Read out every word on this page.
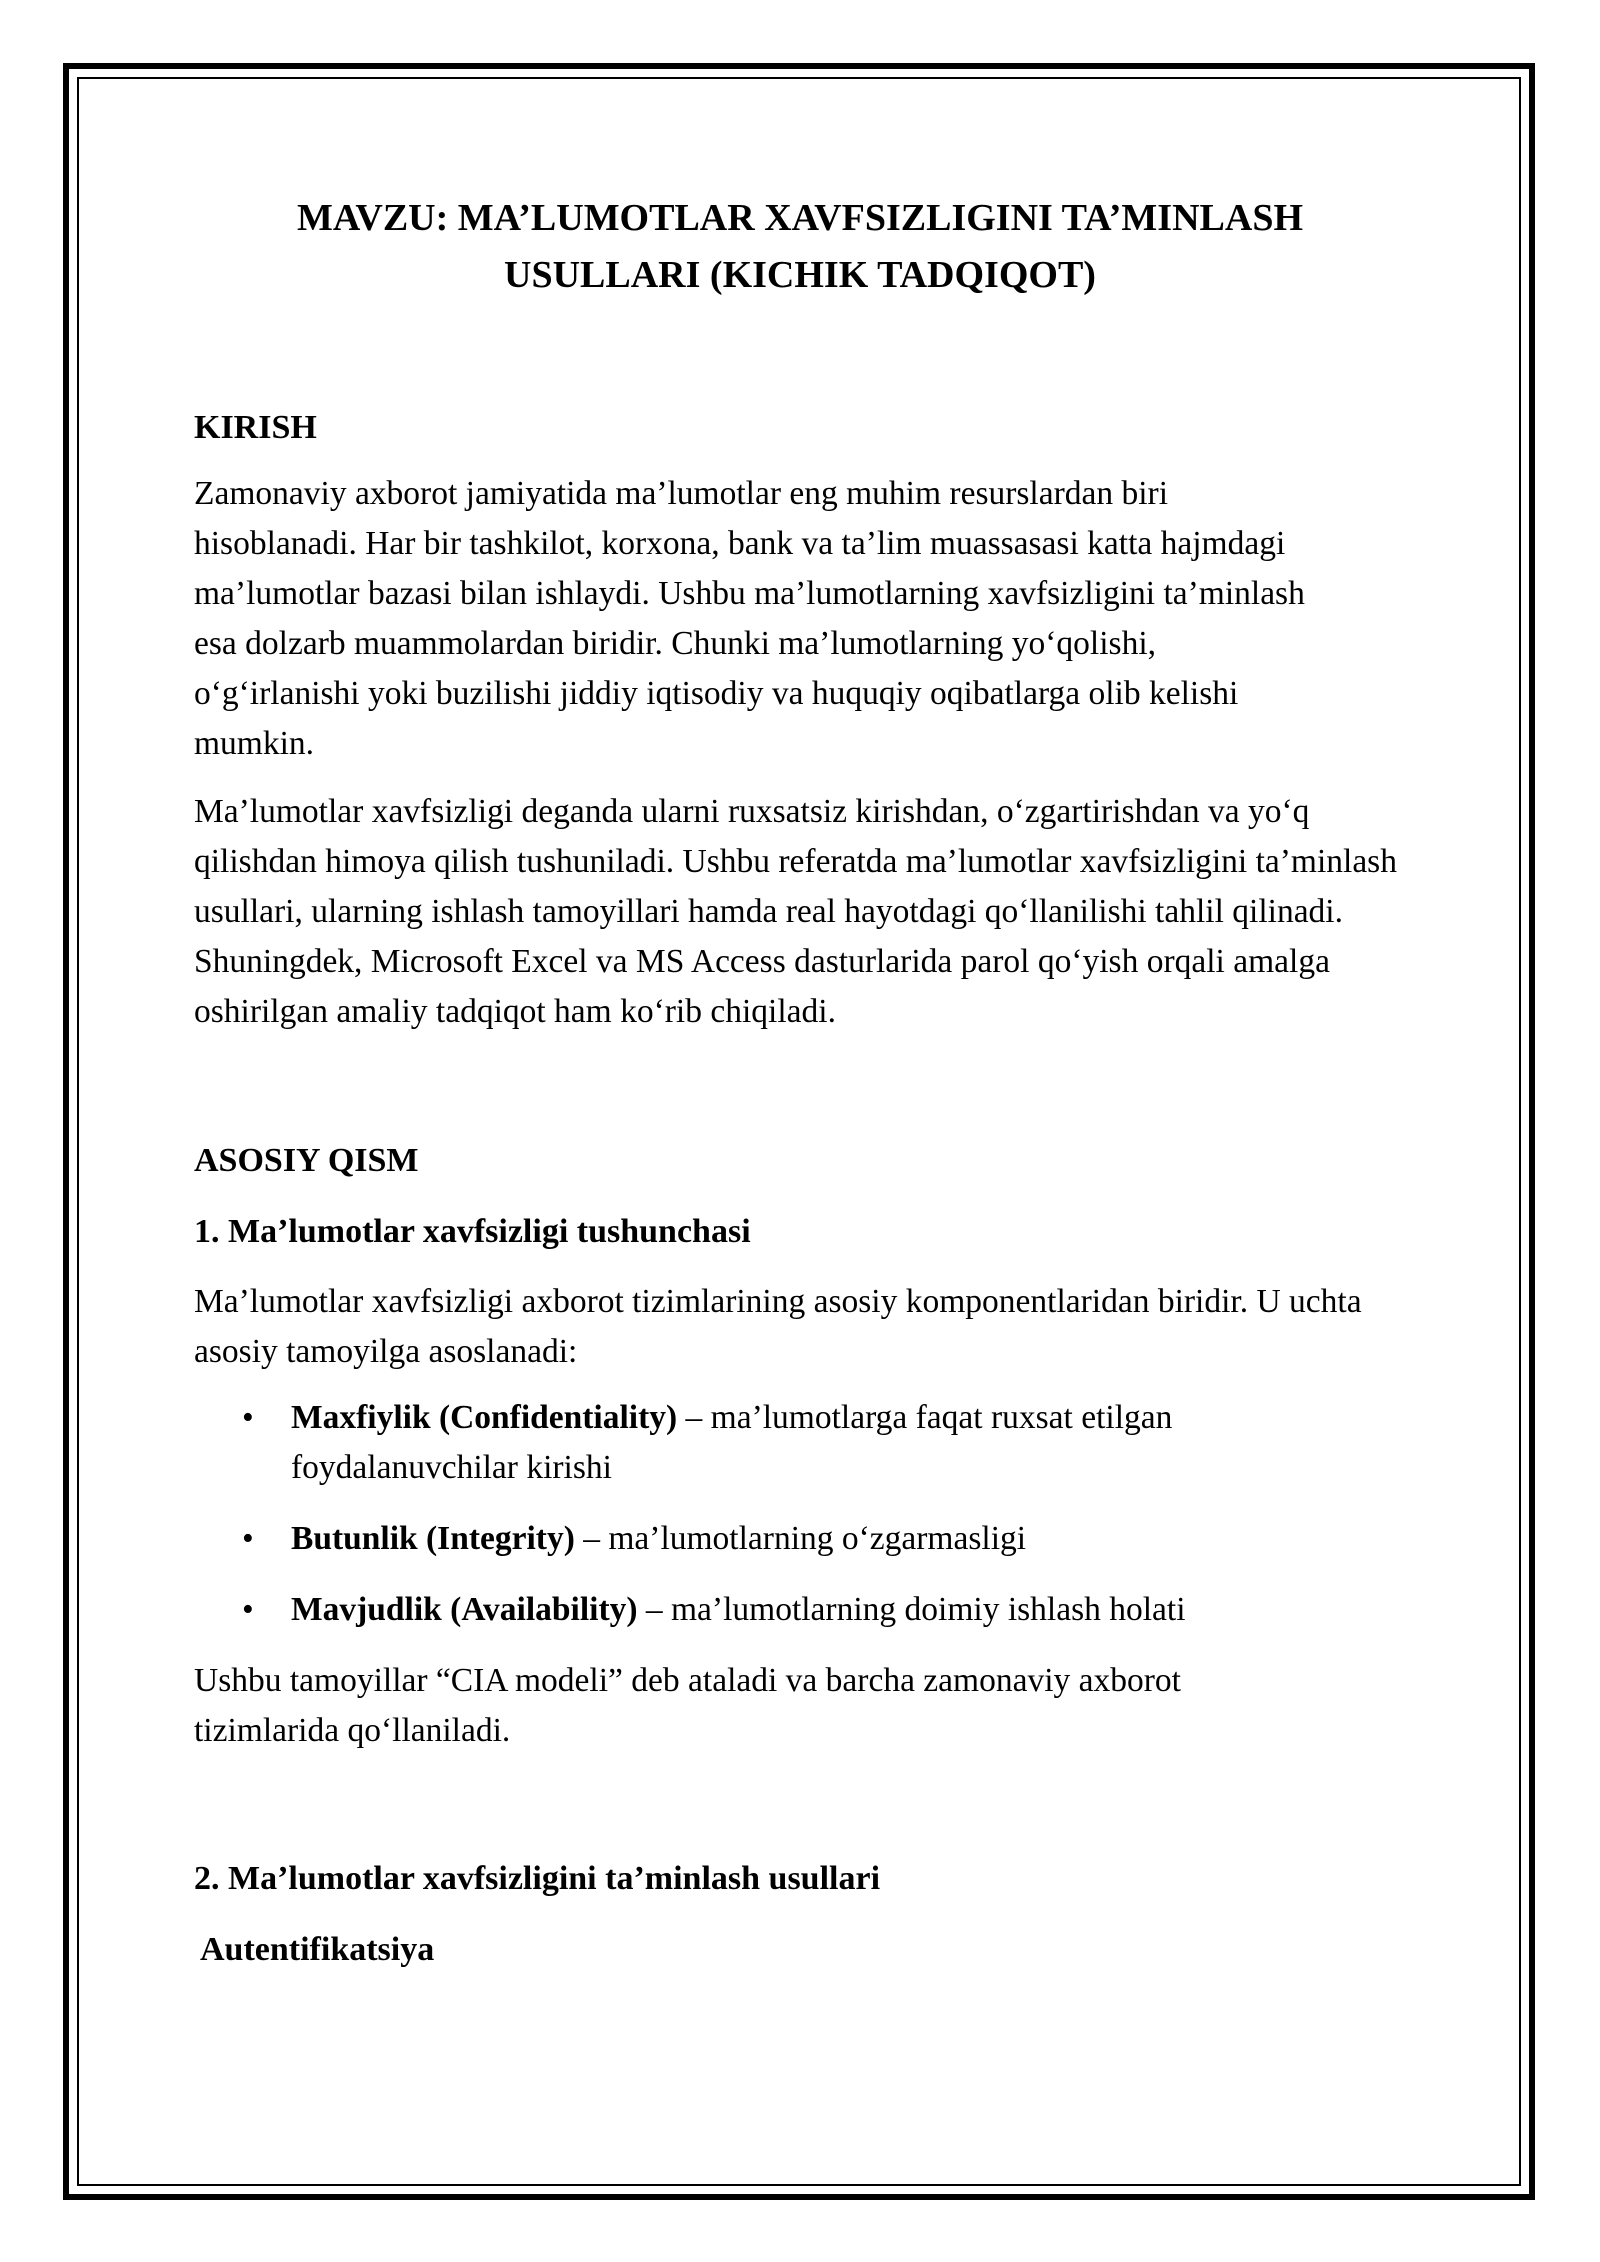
MAVZU: MA’LUMOTLAR XAVFSIZLIGINI TA’MINLASH
USULLARI (KICHIK TADQIQOT)
KIRISH

Zamonaviy axborot jamiyatida ma’lumotlar eng muhim resurslardan biri hisoblanadi. Har bir tashkilot, korxona, bank va ta’lim muassasasi katta hajmdagi ma’lumotlar bazasi bilan ishlaydi. Ushbu ma’lumotlarning xavfsizligini ta’minlash esa dolzarb muammolardan biridir. Chunki ma’lumotlarning yo‘qolishi, o‘g‘irlanishi yoki buzilishi jiddiy iqtisodiy va huquqiy oqibatlarga olib kelishi mumkin.

Ma’lumotlar xavfsizligi deganda ularni ruxsatsiz kirishdan, o‘zgartirishdan va yo‘q qilishdan himoya qilish tushuniladi. Ushbu referatda ma’lumotlar xavfsizligini ta’minlash usullari, ularning ishlash tamoyillari hamda real hayotdagi qo‘llanilishi tahlil qilinadi. Shuningdek, Microsoft Excel va MS Access dasturlarida parol qo‘yish orqali amalga oshirilgan amaliy tadqiqot ham ko‘rib chiqiladi.

ASOSIY QISM
1. Ma’lumotlar xavfsizligi tushunchasi

Ma’lumotlar xavfsizligi axborot tizimlarining asosiy komponentlaridan biridir. U uchta asosiy tamoyilga asoslanadi:

• Maxfiylik (Confidentiality) – ma’lumotlarga faqat ruxsat etilgan foydalanuvchilar kirishi
• Butunlik (Integrity) – ma’lumotlarning o‘zgarmasligi
• Mavjudlik (Availability) – ma’lumotlarning doimiy ishlash holati

Ushbu tamoyillar “CIA modeli” deb ataladi va barcha zamonaviy axborot tizimlarida qo‘llaniladi.

2. Ma’lumotlar xavfsizligini ta’minlash usullari
Autentifikatsiya
